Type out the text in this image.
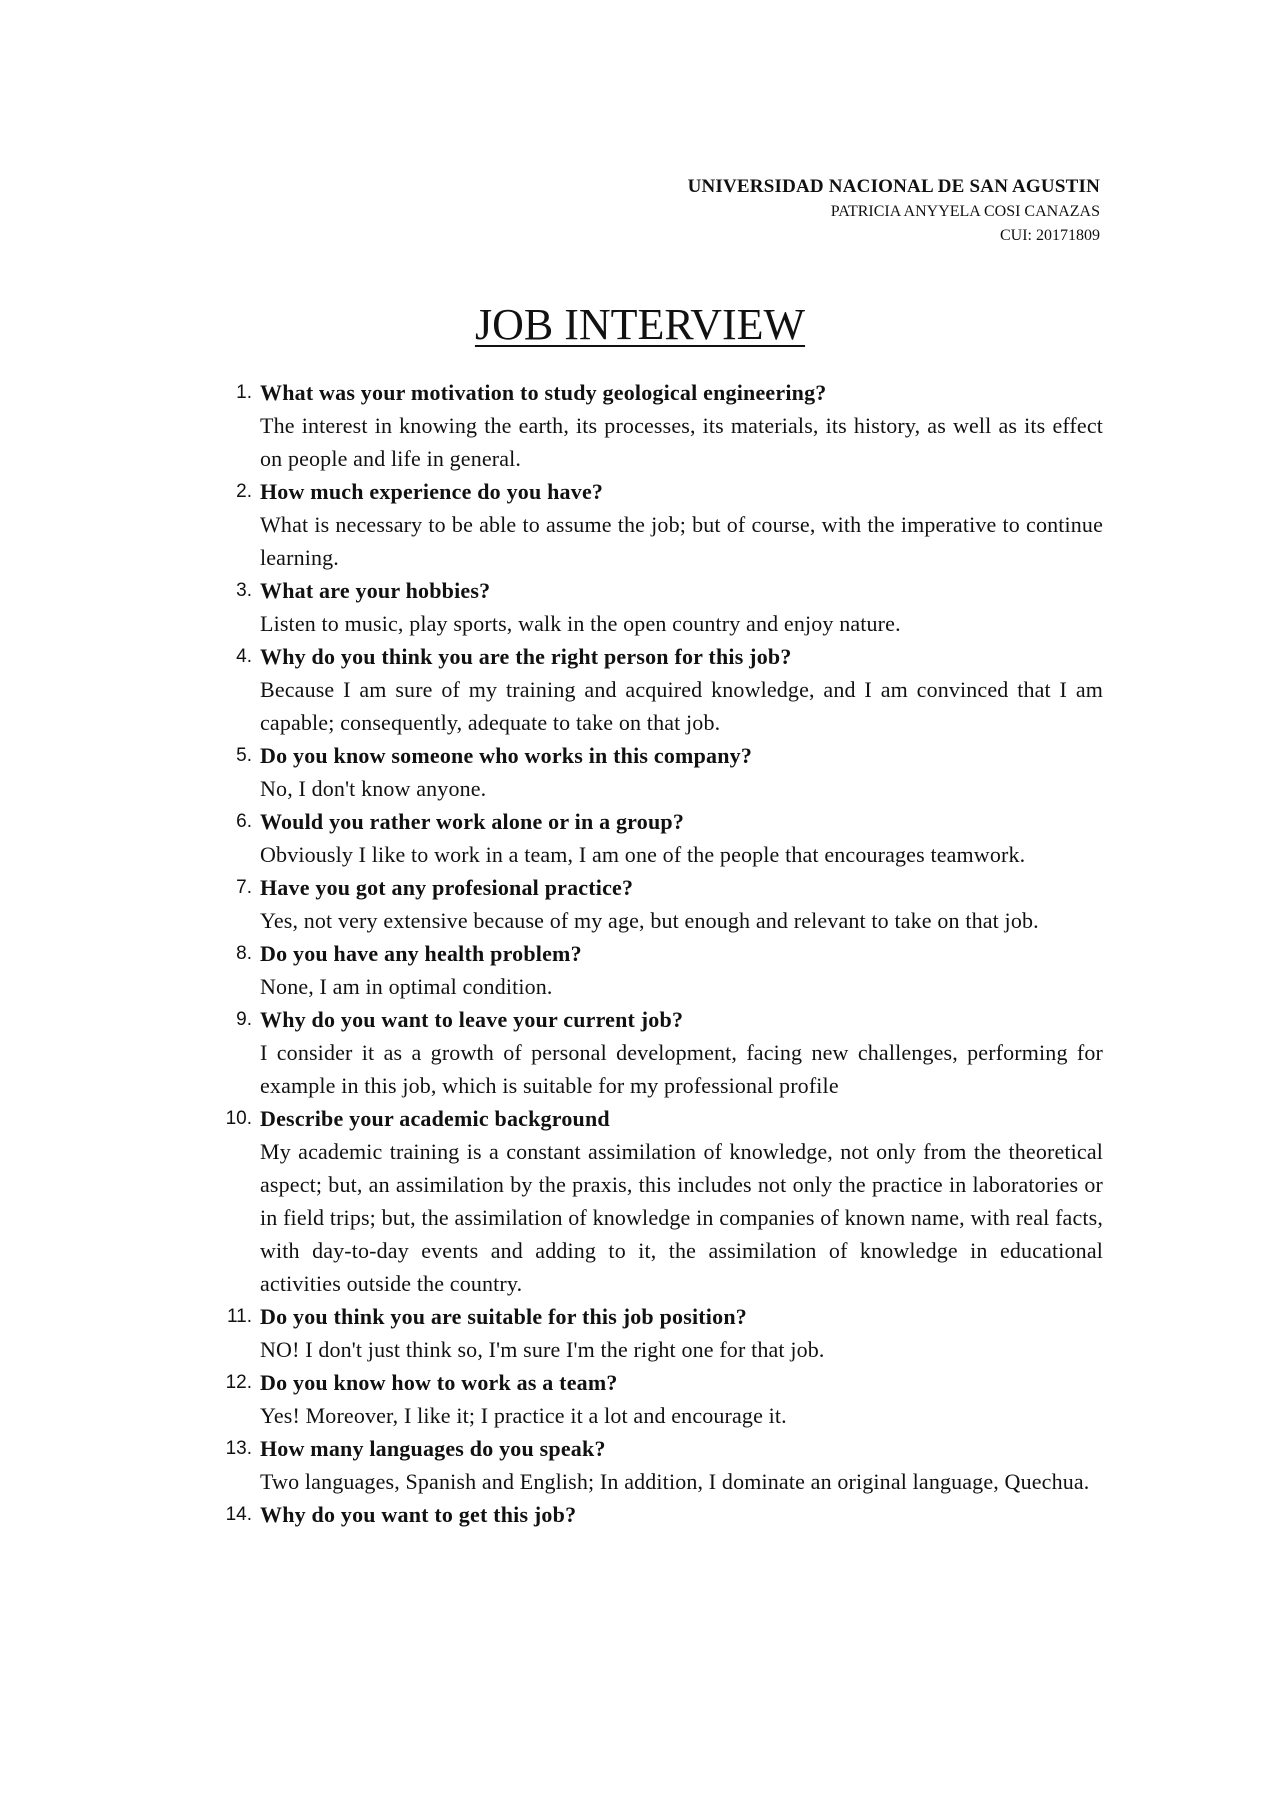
UNIVERSIDAD NACIONAL DE SAN AGUSTIN
PATRICIA ANYYELA COSI CANAZAS
CUI: 20171809
JOB INTERVIEW
1. What was your motivation to study geological engineering?
The interest in knowing the earth, its processes, its materials, its history, as well as its effect on people and life in general.
2. How much experience do you have?
What is necessary to be able to assume the job; but of course, with the imperative to continue learning.
3. What are your hobbies?
Listen to music, play sports, walk in the open country and enjoy nature.
4. Why do you think you are the right person for this job?
Because I am sure of my training and acquired knowledge, and I am convinced that I am capable; consequently, adequate to take on that job.
5. Do you know someone who works in this company?
No, I don't know anyone.
6. Would you rather work alone or in a group?
Obviously I like to work in a team, I am one of the people that encourages teamwork.
7. Have you got any profesional practice?
Yes, not very extensive because of my age, but enough and relevant to take on that job.
8. Do you have any health problem?
None, I am in optimal condition.
9. Why do you want to leave your current job?
I consider it as a growth of personal development, facing new challenges, performing for example in this job, which is suitable for my professional profile
10. Describe your academic background
My academic training is a constant assimilation of knowledge, not only from the theoretical aspect; but, an assimilation by the praxis, this includes not only the practice in laboratories or in field trips; but, the assimilation of knowledge in companies of known name, with real facts, with day-to-day events and adding to it, the assimilation of knowledge in educational activities outside the country.
11. Do you think you are suitable for this job position?
NO! I don't just think so, I'm sure I'm the right one for that job.
12. Do you know how to work as a team?
Yes! Moreover, I like it; I practice it a lot and encourage it.
13. How many languages do you speak?
Two languages, Spanish and English; In addition, I dominate an original language, Quechua.
14. Why do you want to get this job?
